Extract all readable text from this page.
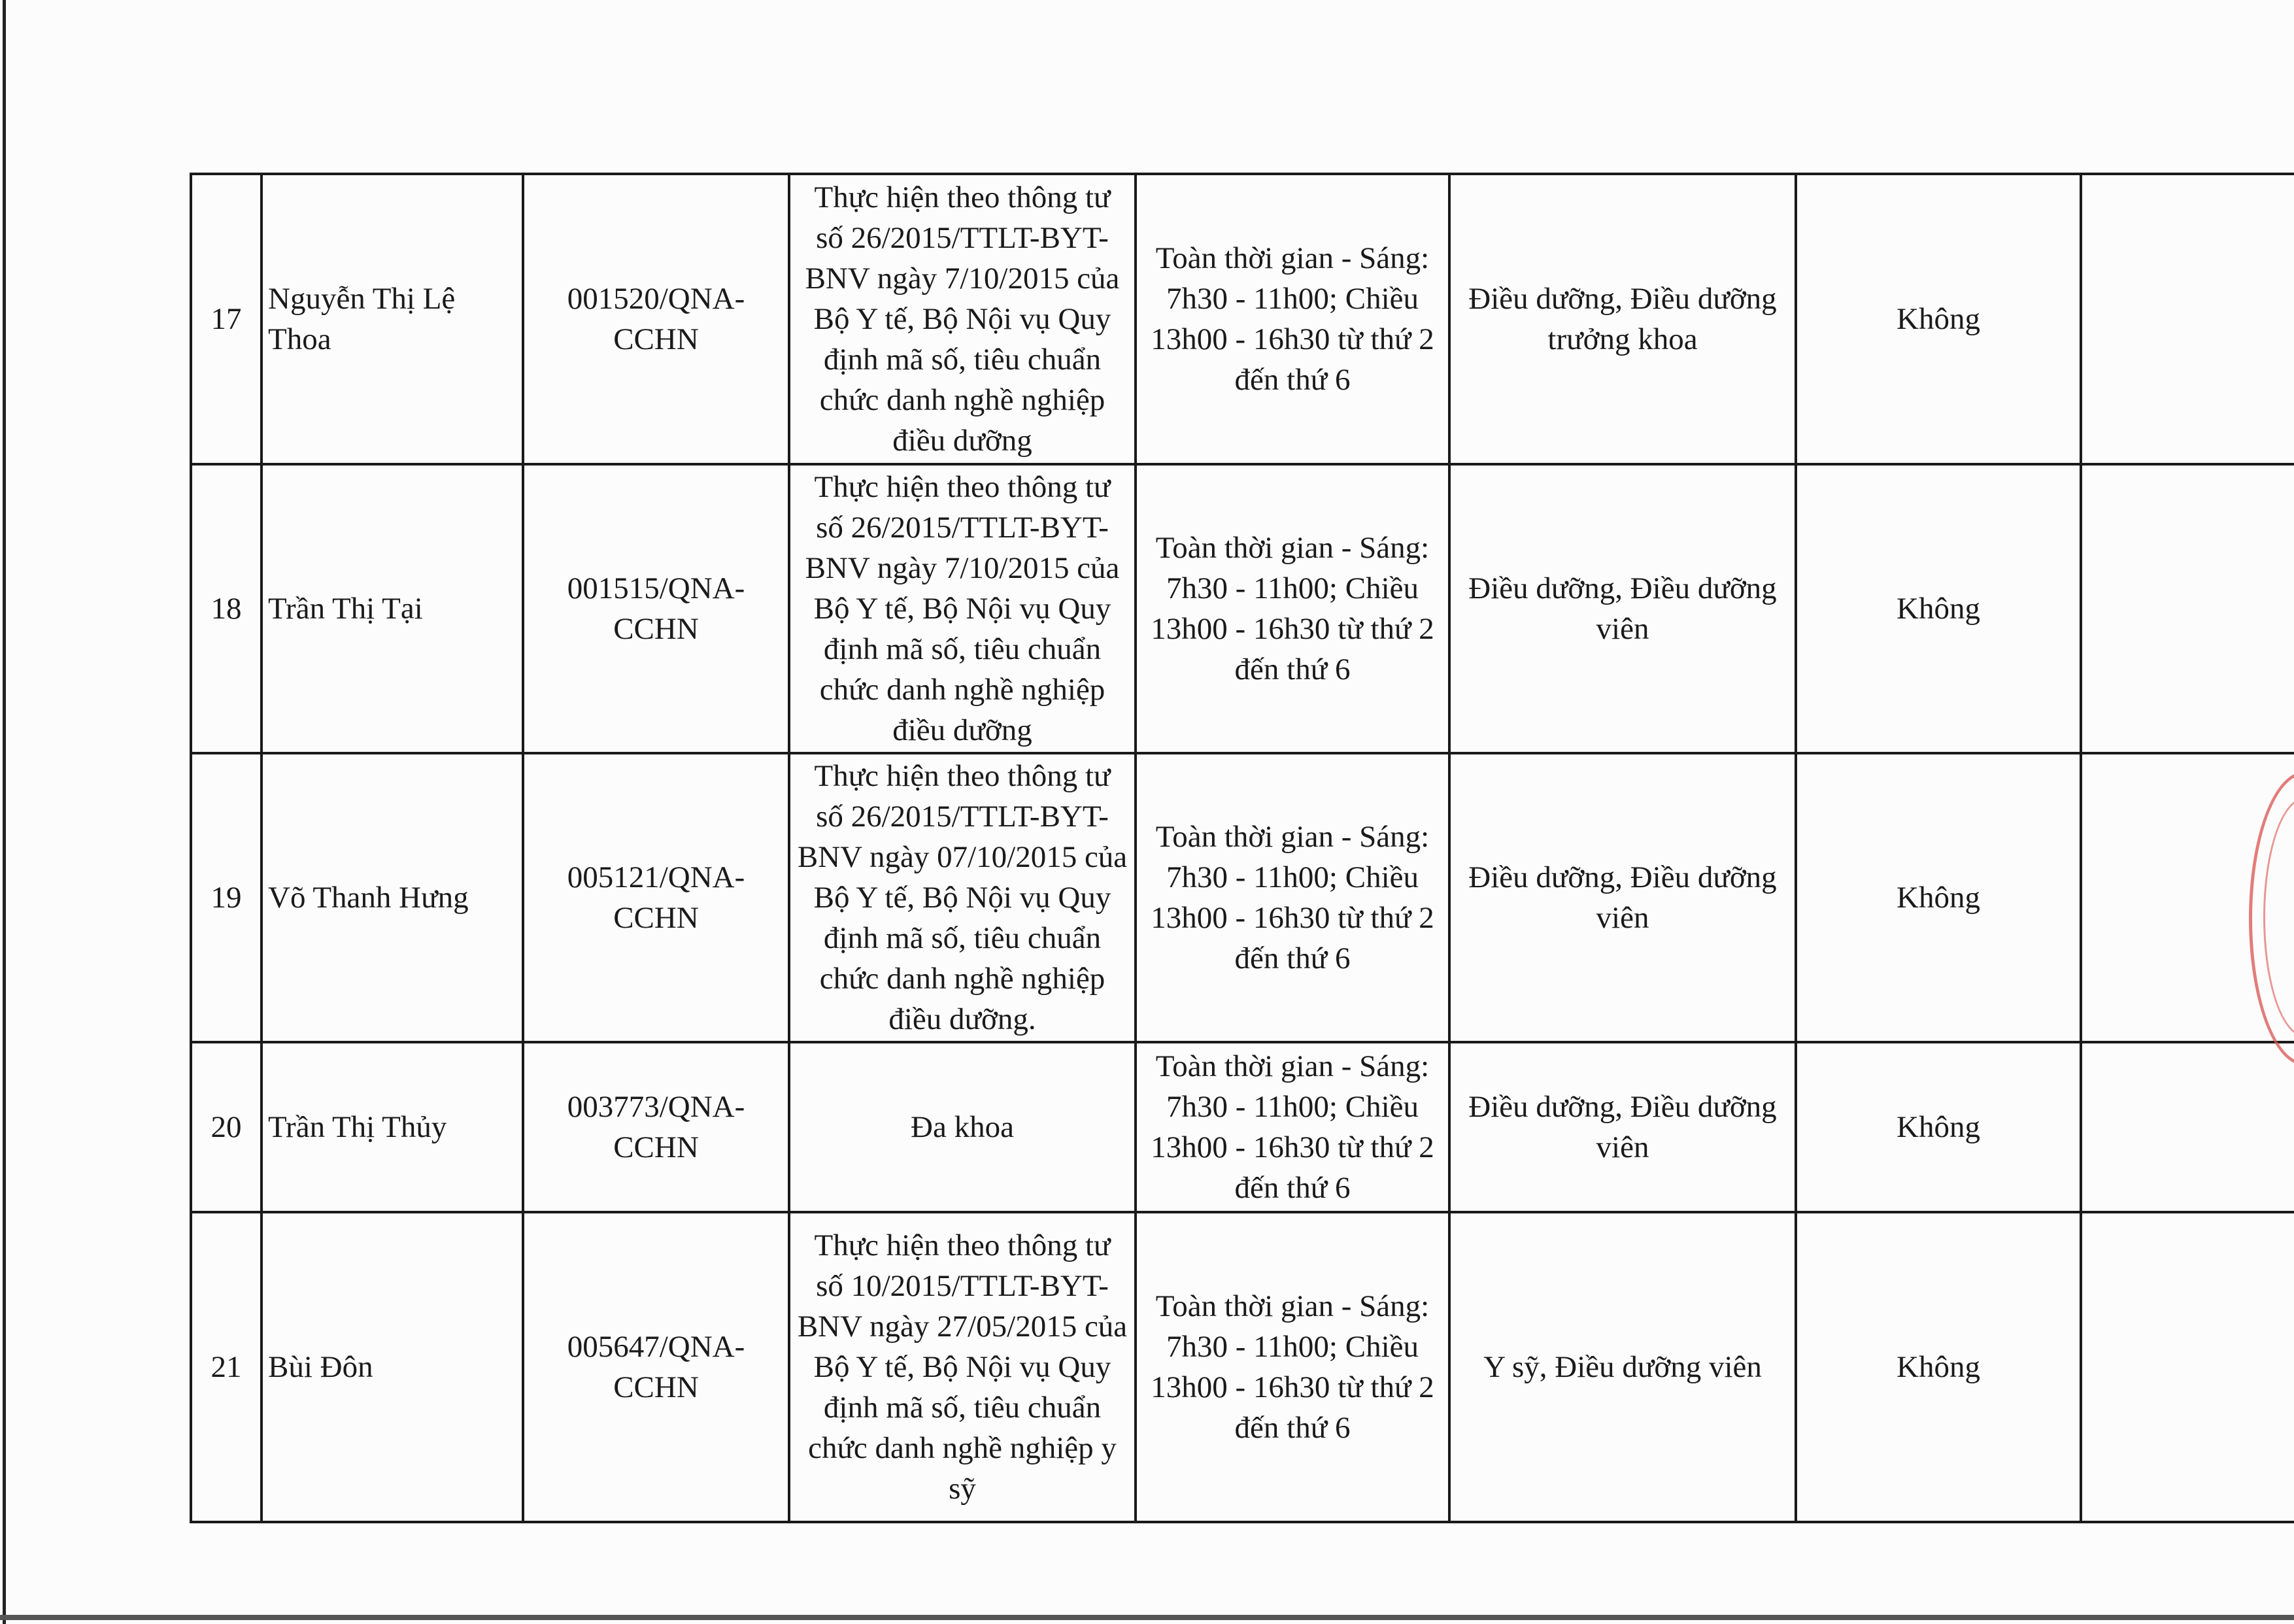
17	Nguyễn Thị Lệ Thoa	001520/QNA-CCHN	Thực hiện theo thông tư số 26/2015/TTLT-BYT-BNV ngày 7/10/2015 của Bộ Y tế, Bộ Nội vụ Quy định mã số, tiêu chuẩn chức danh nghề nghiệp điều dưỡng	Toàn thời gian - Sáng: 7h30 - 11h00; Chiều 13h00 - 16h30 từ thứ 2 đến thứ 6	Điều dưỡng, Điều dưỡng trưởng khoa	Không	
18	Trần Thị Tại	001515/QNA-CCHN	Thực hiện theo thông tư số 26/2015/TTLT-BYT-BNV ngày 7/10/2015 của Bộ Y tế, Bộ Nội vụ Quy định mã số, tiêu chuẩn chức danh nghề nghiệp điều dưỡng	Toàn thời gian - Sáng: 7h30 - 11h00; Chiều 13h00 - 16h30 từ thứ 2 đến thứ 6	Điều dưỡng, Điều dưỡng viên	Không	
19	Võ Thanh Hưng	005121/QNA-CCHN	Thực hiện theo thông tư số 26/2015/TTLT-BYT-BNV ngày 07/10/2015 của Bộ Y tế, Bộ Nội vụ Quy định mã số, tiêu chuẩn chức danh nghề nghiệp điều dưỡng.	Toàn thời gian - Sáng: 7h30 - 11h00; Chiều 13h00 - 16h30 từ thứ 2 đến thứ 6	Điều dưỡng, Điều dưỡng viên	Không	
20	Trần Thị Thủy	003773/QNA-CCHN	Đa khoa	Toàn thời gian - Sáng: 7h30 - 11h00; Chiều 13h00 - 16h30 từ thứ 2 đến thứ 6	Điều dưỡng, Điều dưỡng viên	Không	
21	Bùi Đôn	005647/QNA-CCHN	Thực hiện theo thông tư số 10/2015/TTLT-BYT-BNV ngày 27/05/2015 của Bộ Y tế, Bộ Nội vụ Quy định mã số, tiêu chuẩn chức danh nghề nghiệp y sỹ	Toàn thời gian - Sáng: 7h30 - 11h00; Chiều 13h00 - 16h30 từ thứ 2 đến thứ 6	Y sỹ, Điều dưỡng viên	Không	
